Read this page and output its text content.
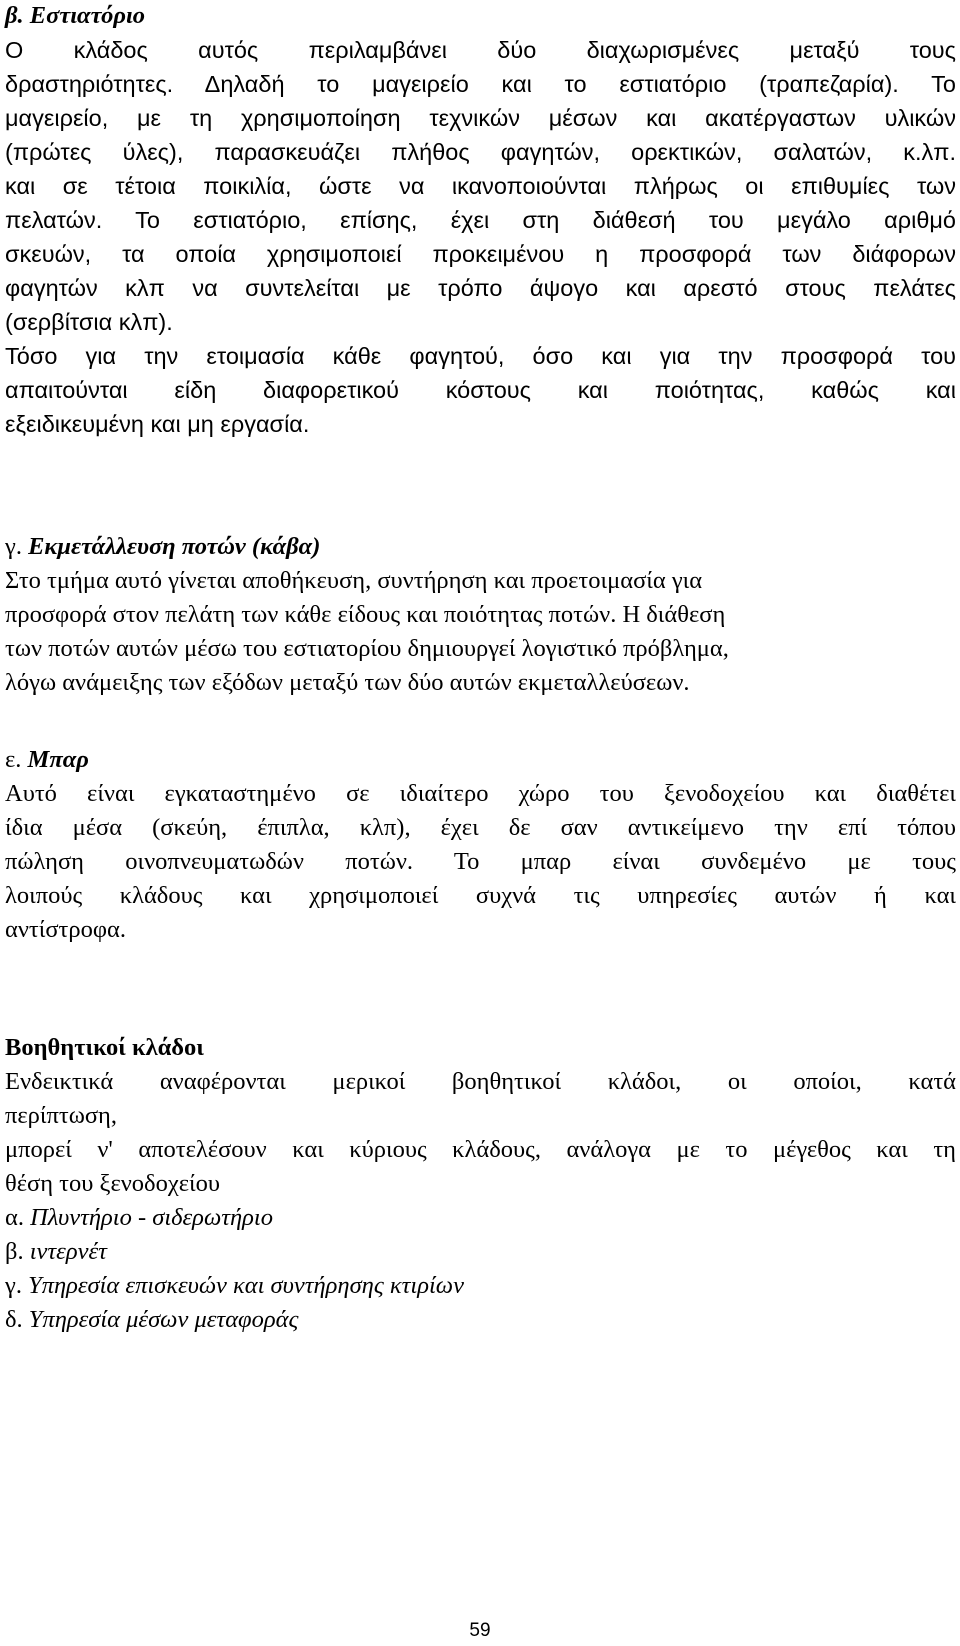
β. Εστιατόριο
Ο κλάδος αυτός περιλαμβάνει δύο διαχωρισμένες μεταξύ τους
δραστηριότητες. Δηλαδή το μαγειρείο και το εστιατόριο (τραπεζαρία). Το
μαγειρείο, με τη χρησιμοποίηση τεχνικών μέσων και ακατέργαστων υλικών
(πρώτες ύλες), παρασκευάζει πλήθος φαγητών, ορεκτικών, σαλατών, κ.λπ.
και σε τέτοια ποικιλία, ώστε να ικανοποιούνται πλήρως οι επιθυμίες των
πελατών. Το εστιατόριο, επίσης, έχει στη διάθεσή του μεγάλο αριθμό
σκευών, τα οποία χρησιμοποιεί προκειμένου η προσφορά των διάφορων
φαγητών κλπ να συντελείται με τρόπο άψογο και αρεστό στους πελάτες
(σερβίτσια κλπ).
Τόσο για την ετοιμασία κάθε φαγητού, όσο και για την προσφορά του
απαιτούνται είδη διαφορετικού κόστους και ποιότητας, καθώς και
εξειδικευμένη και μη εργασία.
γ. Εκμετάλλευση ποτών (κάβα)
Στο τμήμα αυτό γίνεται αποθήκευση, συντήρηση και προετοιμασία για
προσφορά στον πελάτη των κάθε είδους και ποιότητας ποτών. Η διάθεση
των ποτών αυτών μέσω του εστιατορίου δημιουργεί λογιστικό πρόβλημα,
λόγω ανάμειξης των εξόδων μεταξύ των δύο αυτών εκμεταλλεύσεων.
ε. Μπαρ
Αυτό είναι εγκαταστημένο σε ιδιαίτερο χώρο του ξενοδοχείου και διαθέτει
ίδια μέσα (σκεύη, έπιπλα, κλπ), έχει δε σαν αντικείμενο την επί τόπου
πώληση οινοπνευματωδών ποτών. Το μπαρ είναι συνδεμένο με τους
λοιπούς κλάδους και χρησιμοποιεί συχνά τις υπηρεσίες αυτών ή και
αντίστροφα.
Βοηθητικοί κλάδοι
Ενδεικτικά αναφέρονται μερικοί βοηθητικοί κλάδοι, οι οποίοι, κατά
περίπτωση,
μπορεί ν' αποτελέσουν και κύριους κλάδους, ανάλογα με το μέγεθος και τη
θέση του ξενοδοχείου
α. Πλυντήριο - σιδερωτήριο
β. ιντερνέτ
γ. Υπηρεσία επισκευών και συντήρησης κτιρίων
δ. Υπηρεσία μέσων μεταφοράς
59
